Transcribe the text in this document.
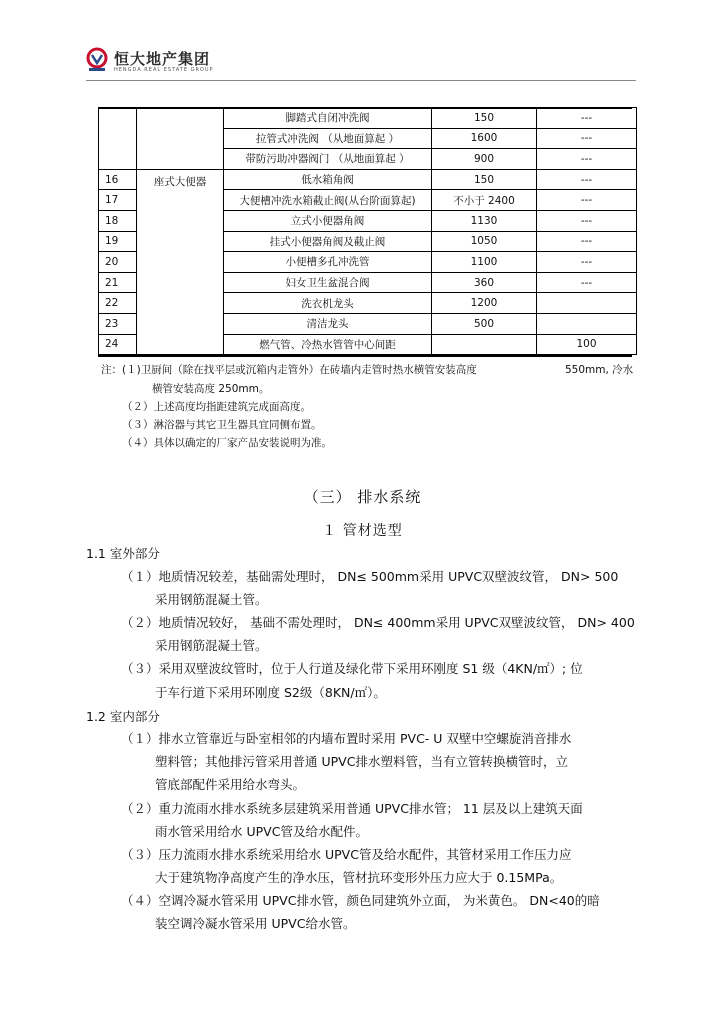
恒大地产集团
HENGDA REAL ESTATE GROUP
		脚踏式自闭冲洗阀	150	---
		拉管式冲洗阀 （从地面算起 ）	1600	---
		带防污助冲器阀门 （从地面算起 ）	900	---
16	座式大便器	低水箱角阀	150	---
17		大便槽冲洗水箱截止阀(从台阶面算起)	不小于 2400	---
18		立式小便器角阀	1130	---
19		挂式小便器角阀及截止阀	1050	---
20		小便槽多孔冲洗管	1100	---
21		妇女卫生盆混合阀	360	---
22		洗衣机龙头	1200	
23		清洁龙头	500	
24		燃气管、冷热水管管中心间距		100
注：(１)卫厨间（除在找平层或沉箱内走管外）在砖墙内走管时热水横管安装高度	550mm, 冷水
横管安装高度 250mm。
（２）上述高度均指距建筑完成面高度。
（３）淋浴器与其它卫生器具宜同侧布置。
（４）具体以确定的厂家产品安装说明为准。
（三） 排水系统
１ 管材选型
1.1 室外部分
（１）地质情况较差，基础需处理时， DN≤ 500mm采用 UPVC双壁波纹管， DN> 500
采用钢筋混凝土管。
（２）地质情况较好， 基础不需处理时， DN≤ 400mm采用 UPVC双壁波纹管， DN> 400
采用钢筋混凝土管。
（３）采用双壁波纹管时，位于人行道及绿化带下采用环刚度 S1 级（4KN/㎡）; 位
于车行道下采用环刚度 S2级（8KN/㎡）。
1.2 室内部分
（１）排水立管靠近与卧室相邻的内墙布置时采用 PVC- U 双壁中空螺旋消音排水
塑料管；其他排污管采用普通 UPVC排水塑料管，当有立管转换横管时，立
管底部配件采用给水弯头。
（２）重力流雨水排水系统多层建筑采用普通 UPVC排水管； 11 层及以上建筑天面
雨水管采用给水 UPVC管及给水配件。
（３）压力流雨水排水系统采用给水 UPVC管及给水配件，其管材采用工作压力应
大于建筑物净高度产生的净水压，管材抗环变形外压力应大于 0.15MPa。
（４）空调冷凝水管采用 UPVC排水管，颜色同建筑外立面， 为米黄色。 DN<40的暗
装空调冷凝水管采用 UPVC给水管。
